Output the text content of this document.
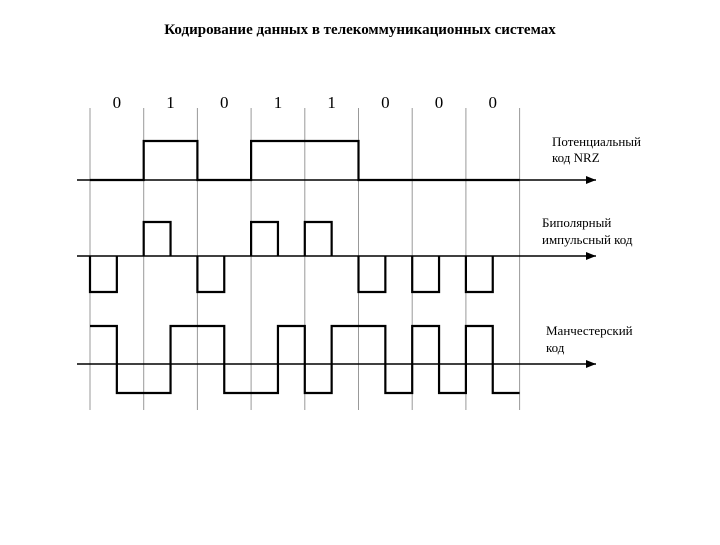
Кодирование данных в телекоммуникационных системах
0	1	0	1	1	0	0	0
Потенциальный
код NRZ
Биполярный
импульсный код
Манчестерский
код
